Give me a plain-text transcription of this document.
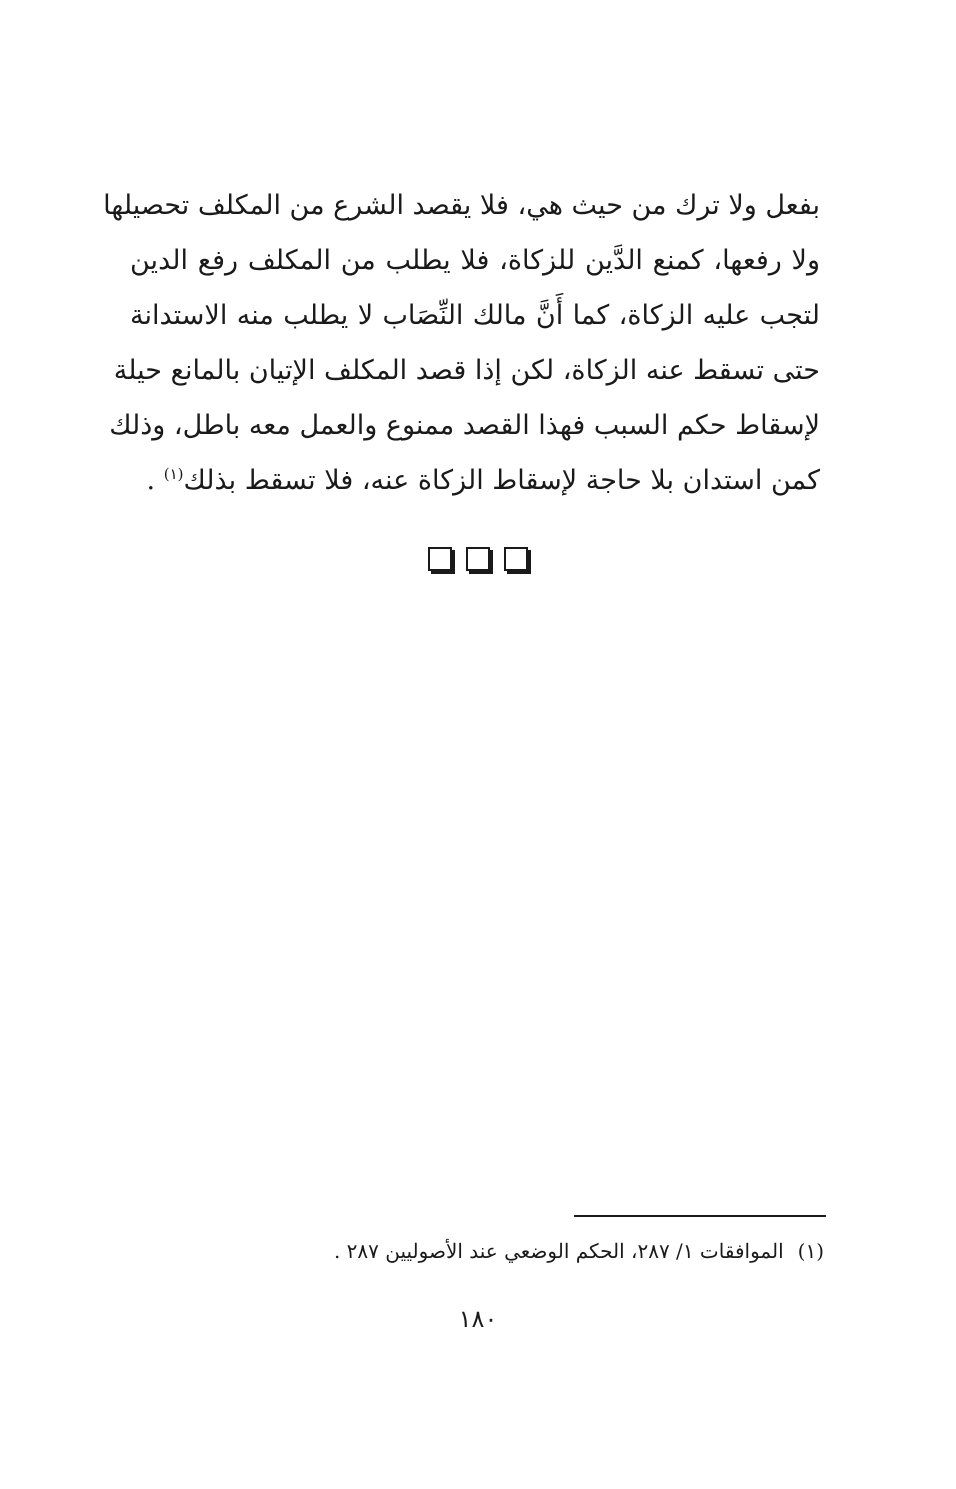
بفعل ولا ترك من حيث هي، فلا يقصد الشرع من المكلف تحصيلها
ولا رفعها، كمنع الدَّين للزكاة، فلا يطلب من المكلف رفع الدين
لتجب عليه الزكاة، كما أَنَّ مالك النِّصَاب لا يطلب منه الاستدانة
حتى تسقط عنه الزكاة، لكن إذا قصد المكلف الإتيان بالمانع حيلة
لإسقاط حكم السبب فهذا القصد ممنوع والعمل معه باطل، وذلك
كمن استدان بلا حاجة لإسقاط الزكاة عنه، فلا تسقط بذلك$^{(١)}$ .
(١)الموافقات ١/ ٢٨٧، الحكم الوضعي عند الأصوليين ٢٨٧ .
١٨٠
